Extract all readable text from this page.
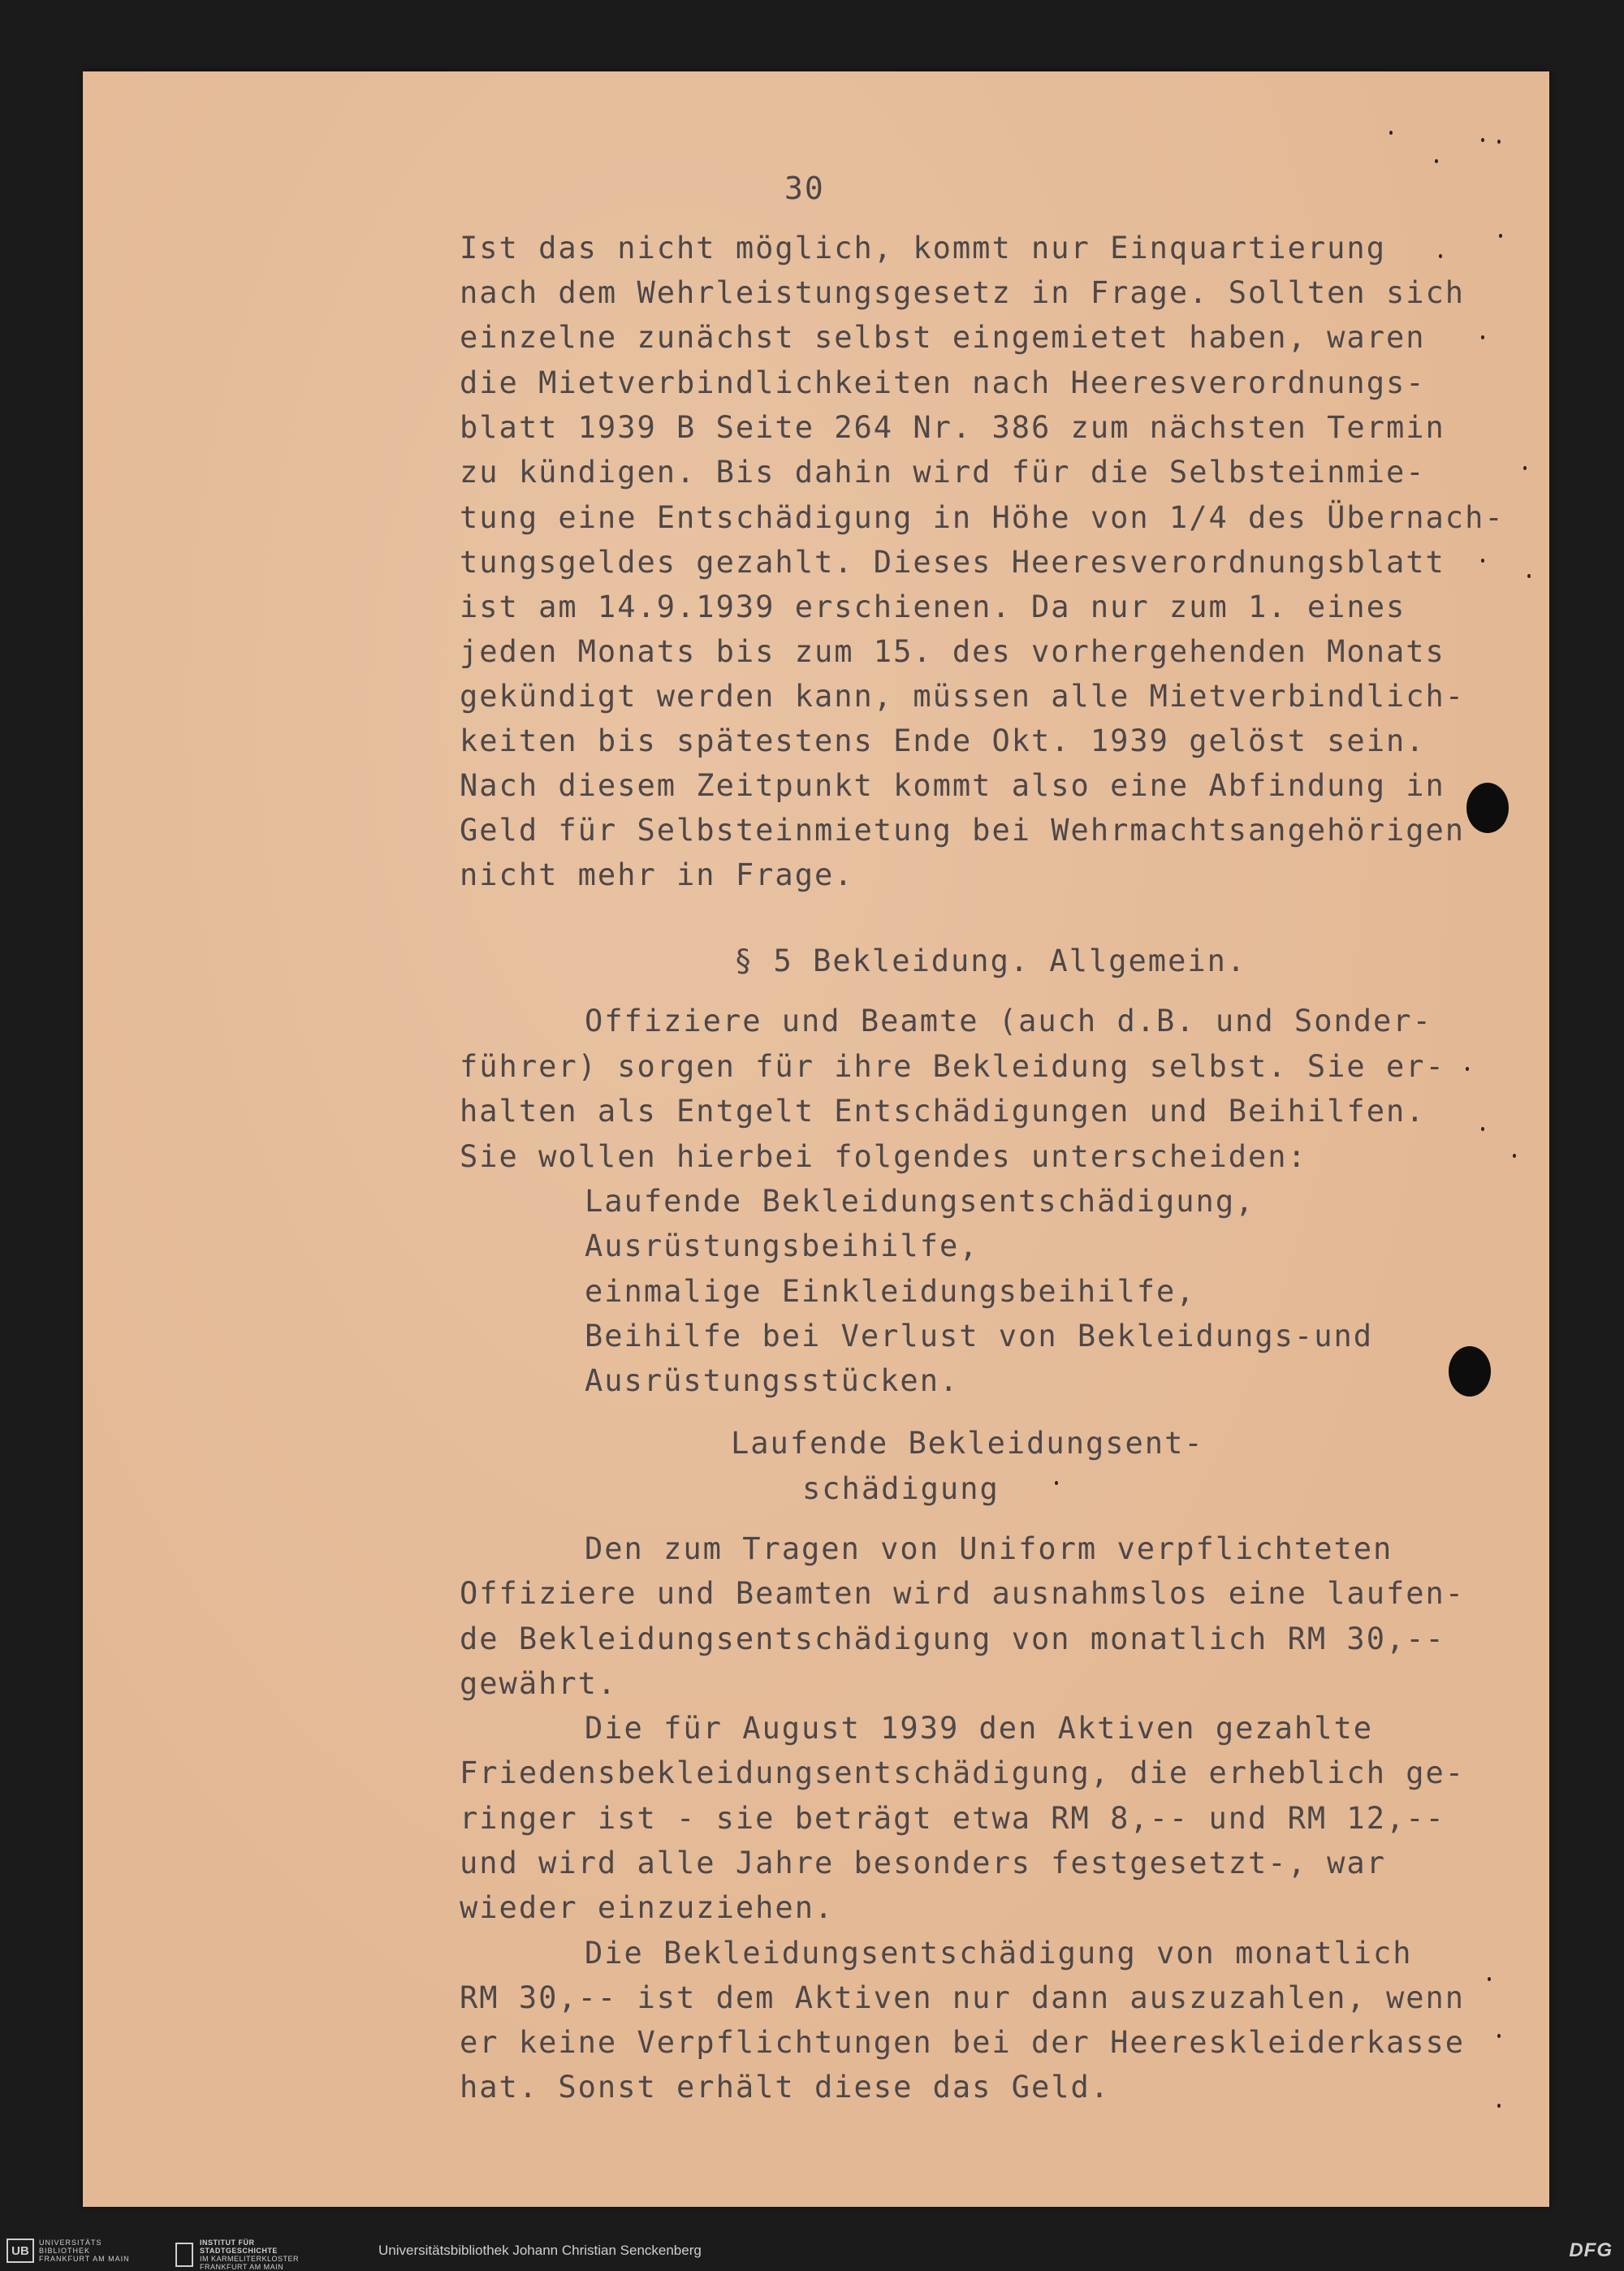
30
Ist das nicht möglich, kommt nur Einquartierung
nach dem Wehrleistungsgesetz in Frage. Sollten sich
einzelne zunächst selbst eingemietet haben, waren
die Mietverbindlichkeiten nach Heeresverordnungs-
blatt 1939 B Seite 264 Nr. 386 zum nächsten Termin
zu kündigen. Bis dahin wird für die Selbsteinmie-
tung eine Entschädigung in Höhe von 1/4 des Übernach-
tungsgeldes gezahlt. Dieses Heeresverordnungsblatt
ist am 14.9.1939 erschienen. Da nur zum 1. eines
jeden Monats bis zum 15. des vorhergehenden Monats
gekündigt werden kann, müssen alle Mietverbindlich-
keiten bis spätestens Ende Okt. 1939 gelöst sein.
Nach diesem Zeitpunkt kommt also eine Abfindung in
Geld für Selbsteinmietung bei Wehrmachtsangehörigen
nicht mehr in Frage.
§ 5 Bekleidung. Allgemein.
Offiziere und Beamte (auch d.B. und Sonder-
führer) sorgen für ihre Bekleidung selbst. Sie er-
halten als Entgelt Entschädigungen und Beihilfen.
Sie wollen hierbei folgendes unterscheiden:
Laufende Bekleidungsentschädigung,
Ausrüstungsbeihilfe,
einmalige Einkleidungsbeihilfe,
Beihilfe bei Verlust von Bekleidungs-und
Ausrüstungsstücken.
Laufende Bekleidungsent-
schädigung
Den zum Tragen von Uniform verpflichteten
Offiziere und Beamten wird ausnahmslos eine laufen-
de Bekleidungsentschädigung von monatlich RM 30,--
gewährt.
Die für August 1939 den Aktiven gezahlte
Friedensbekleidungsentschädigung, die erheblich ge-
ringer ist - sie beträgt etwa RM 8,-- und RM 12,--
und wird alle Jahre besonders festgesetzt-, war
wieder einzuziehen.
Die Bekleidungsentschädigung von monatlich
RM 30,-- ist dem Aktiven nur dann auszuzahlen, wenn
er keine Verpflichtungen bei der Heereskleiderkasse
hat. Sonst erhält diese das Geld.
UB
UNIVERSITÄTS
BIBLIOTHEK
FRANKFURT AM MAIN
INSTITUT FÜR
STADTGESCHICHTE
IM KARMELITERKLOSTER
FRANKFURT AM MAIN
Universitätsbibliothek Johann Christian Senckenberg	DFG
